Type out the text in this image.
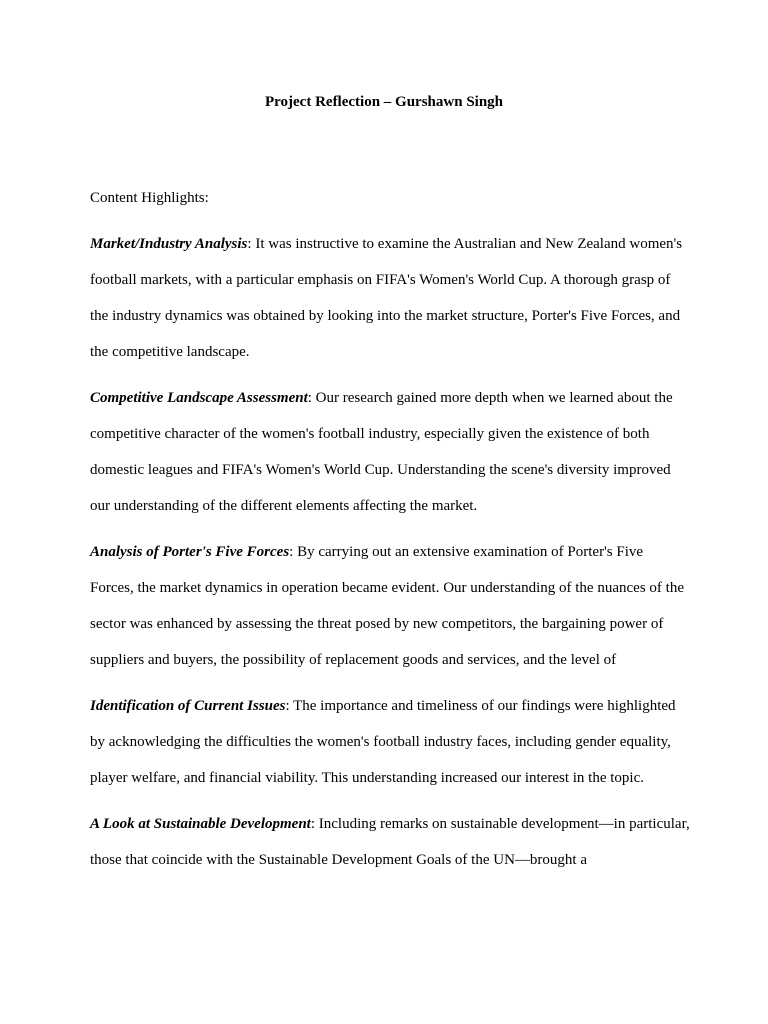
Project Reflection – Gurshawn Singh

Content Highlights:

Market/Industry Analysis: It was instructive to examine the Australian and New Zealand women's football markets, with a particular emphasis on FIFA's Women's World Cup. A thorough grasp of the industry dynamics was obtained by looking into the market structure, Porter's Five Forces, and the competitive landscape.

Competitive Landscape Assessment: Our research gained more depth when we learned about the competitive character of the women's football industry, especially given the existence of both domestic leagues and FIFA's Women's World Cup. Understanding the scene's diversity improved our understanding of the different elements affecting the market.

Analysis of Porter's Five Forces: By carrying out an extensive examination of Porter's Five Forces, the market dynamics in operation became evident. Our understanding of the nuances of the sector was enhanced by assessing the threat posed by new competitors, the bargaining power of suppliers and buyers, the possibility of replacement goods and services, and the level of

Identification of Current Issues: The importance and timeliness of our findings were highlighted by acknowledging the difficulties the women's football industry faces, including gender equality, player welfare, and financial viability. This understanding increased our interest in the topic.

A Look at Sustainable Development: Including remarks on sustainable development—in particular, those that coincide with the Sustainable Development Goals of the UN—brought a
